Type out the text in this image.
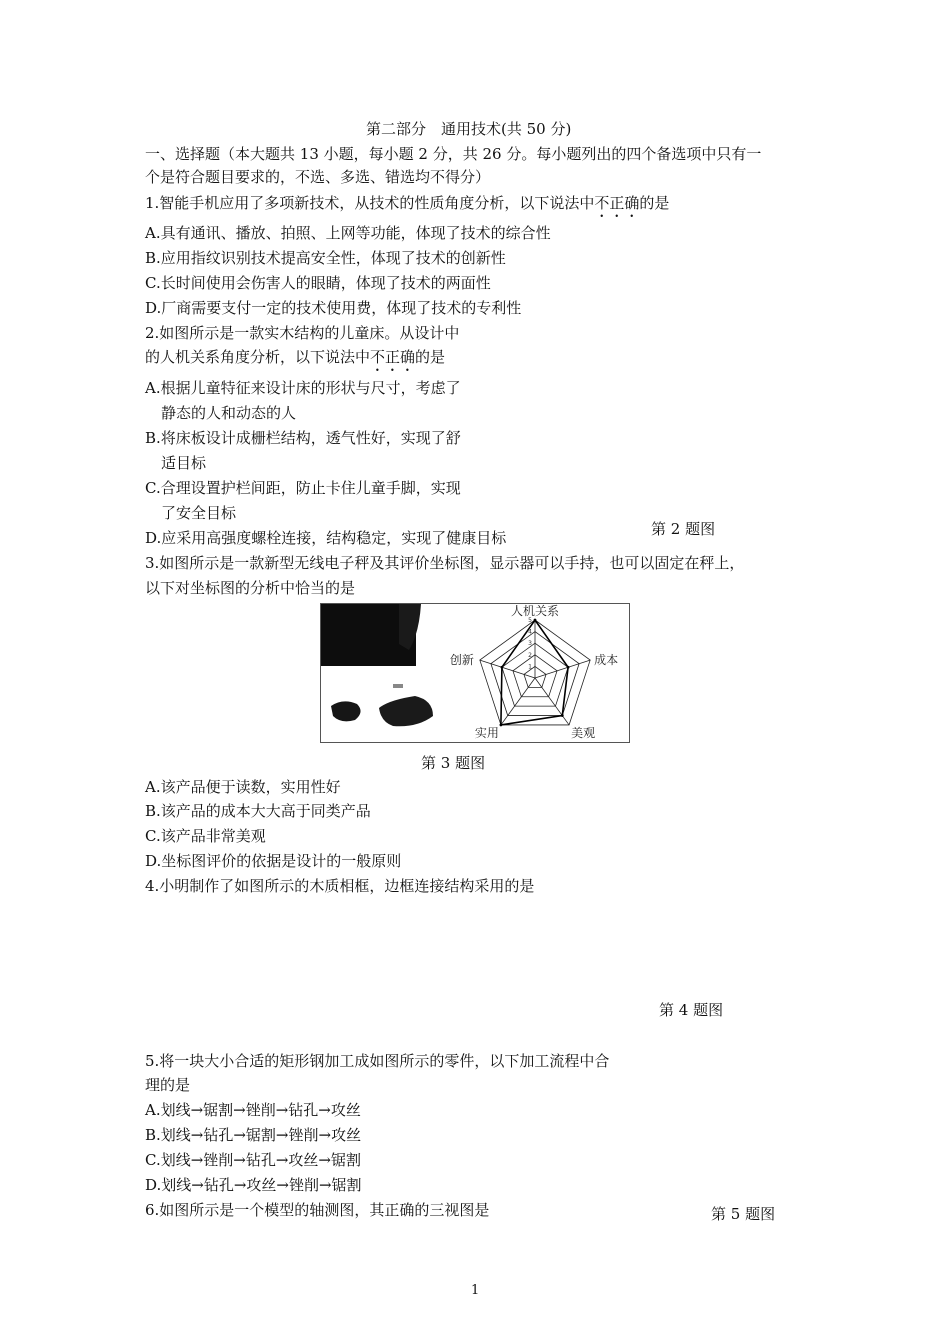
第二部分　通用技术(共 50 分)
一、选择题（本大题共 13 小题，每小题 2 分，共 26 分。每小题列出的四个备选项中只有一
个是符合题目要求的，不选、多选、错选均不得分）
1.智能手机应用了多项新技术，从技术的性质角度分析，以下说法中不正确的是
A.具有通讯、播放、拍照、上网等功能，体现了技术的综合性
B.应用指纹识别技术提高安全性，体现了技术的创新性
C.长时间使用会伤害人的眼睛，体现了技术的两面性
D.厂商需要支付一定的技术使用费，体现了技术的专利性
2.如图所示是一款实木结构的儿童床。从设计中
的人机关系角度分析，以下说法中不正确的是
A.根据儿童特征来设计床的形状与尺寸，考虑了
静态的人和动态的人
B.将床板设计成栅栏结构，透气性好，实现了舒
适目标
C.合理设置护栏间距，防止卡住儿童手脚，实现
了安全目标
D.应采用高强度螺栓连接，结构稳定，实现了健康目标	第 2 题图
3.如图所示是一款新型无线电子秤及其评价坐标图，显示器可以手持，也可以固定在秤上，
以下对坐标图的分析中恰当的是
1
2
3
4
5
人机关系
成本
美观
实用
创新
第 3 题图
A.该产品便于读数，实用性好
B.该产品的成本大大高于同类产品
C.该产品非常美观
D.坐标图评价的依据是设计的一般原则
4.小明制作了如图所示的木质相框，边框连接结构采用的是
第 4 题图
5.将一块大小合适的矩形钢加工成如图所示的零件，以下加工流程中合
理的是
A.划线→锯割→锉削→钻孔→攻丝
B.划线→钻孔→锯割→锉削→攻丝
C.划线→锉削→钻孔→攻丝→锯割
D.划线→钻孔→攻丝→锉削→锯割
第 5 题图
6.如图所示是一个模型的轴测图，其正确的三视图是
1
